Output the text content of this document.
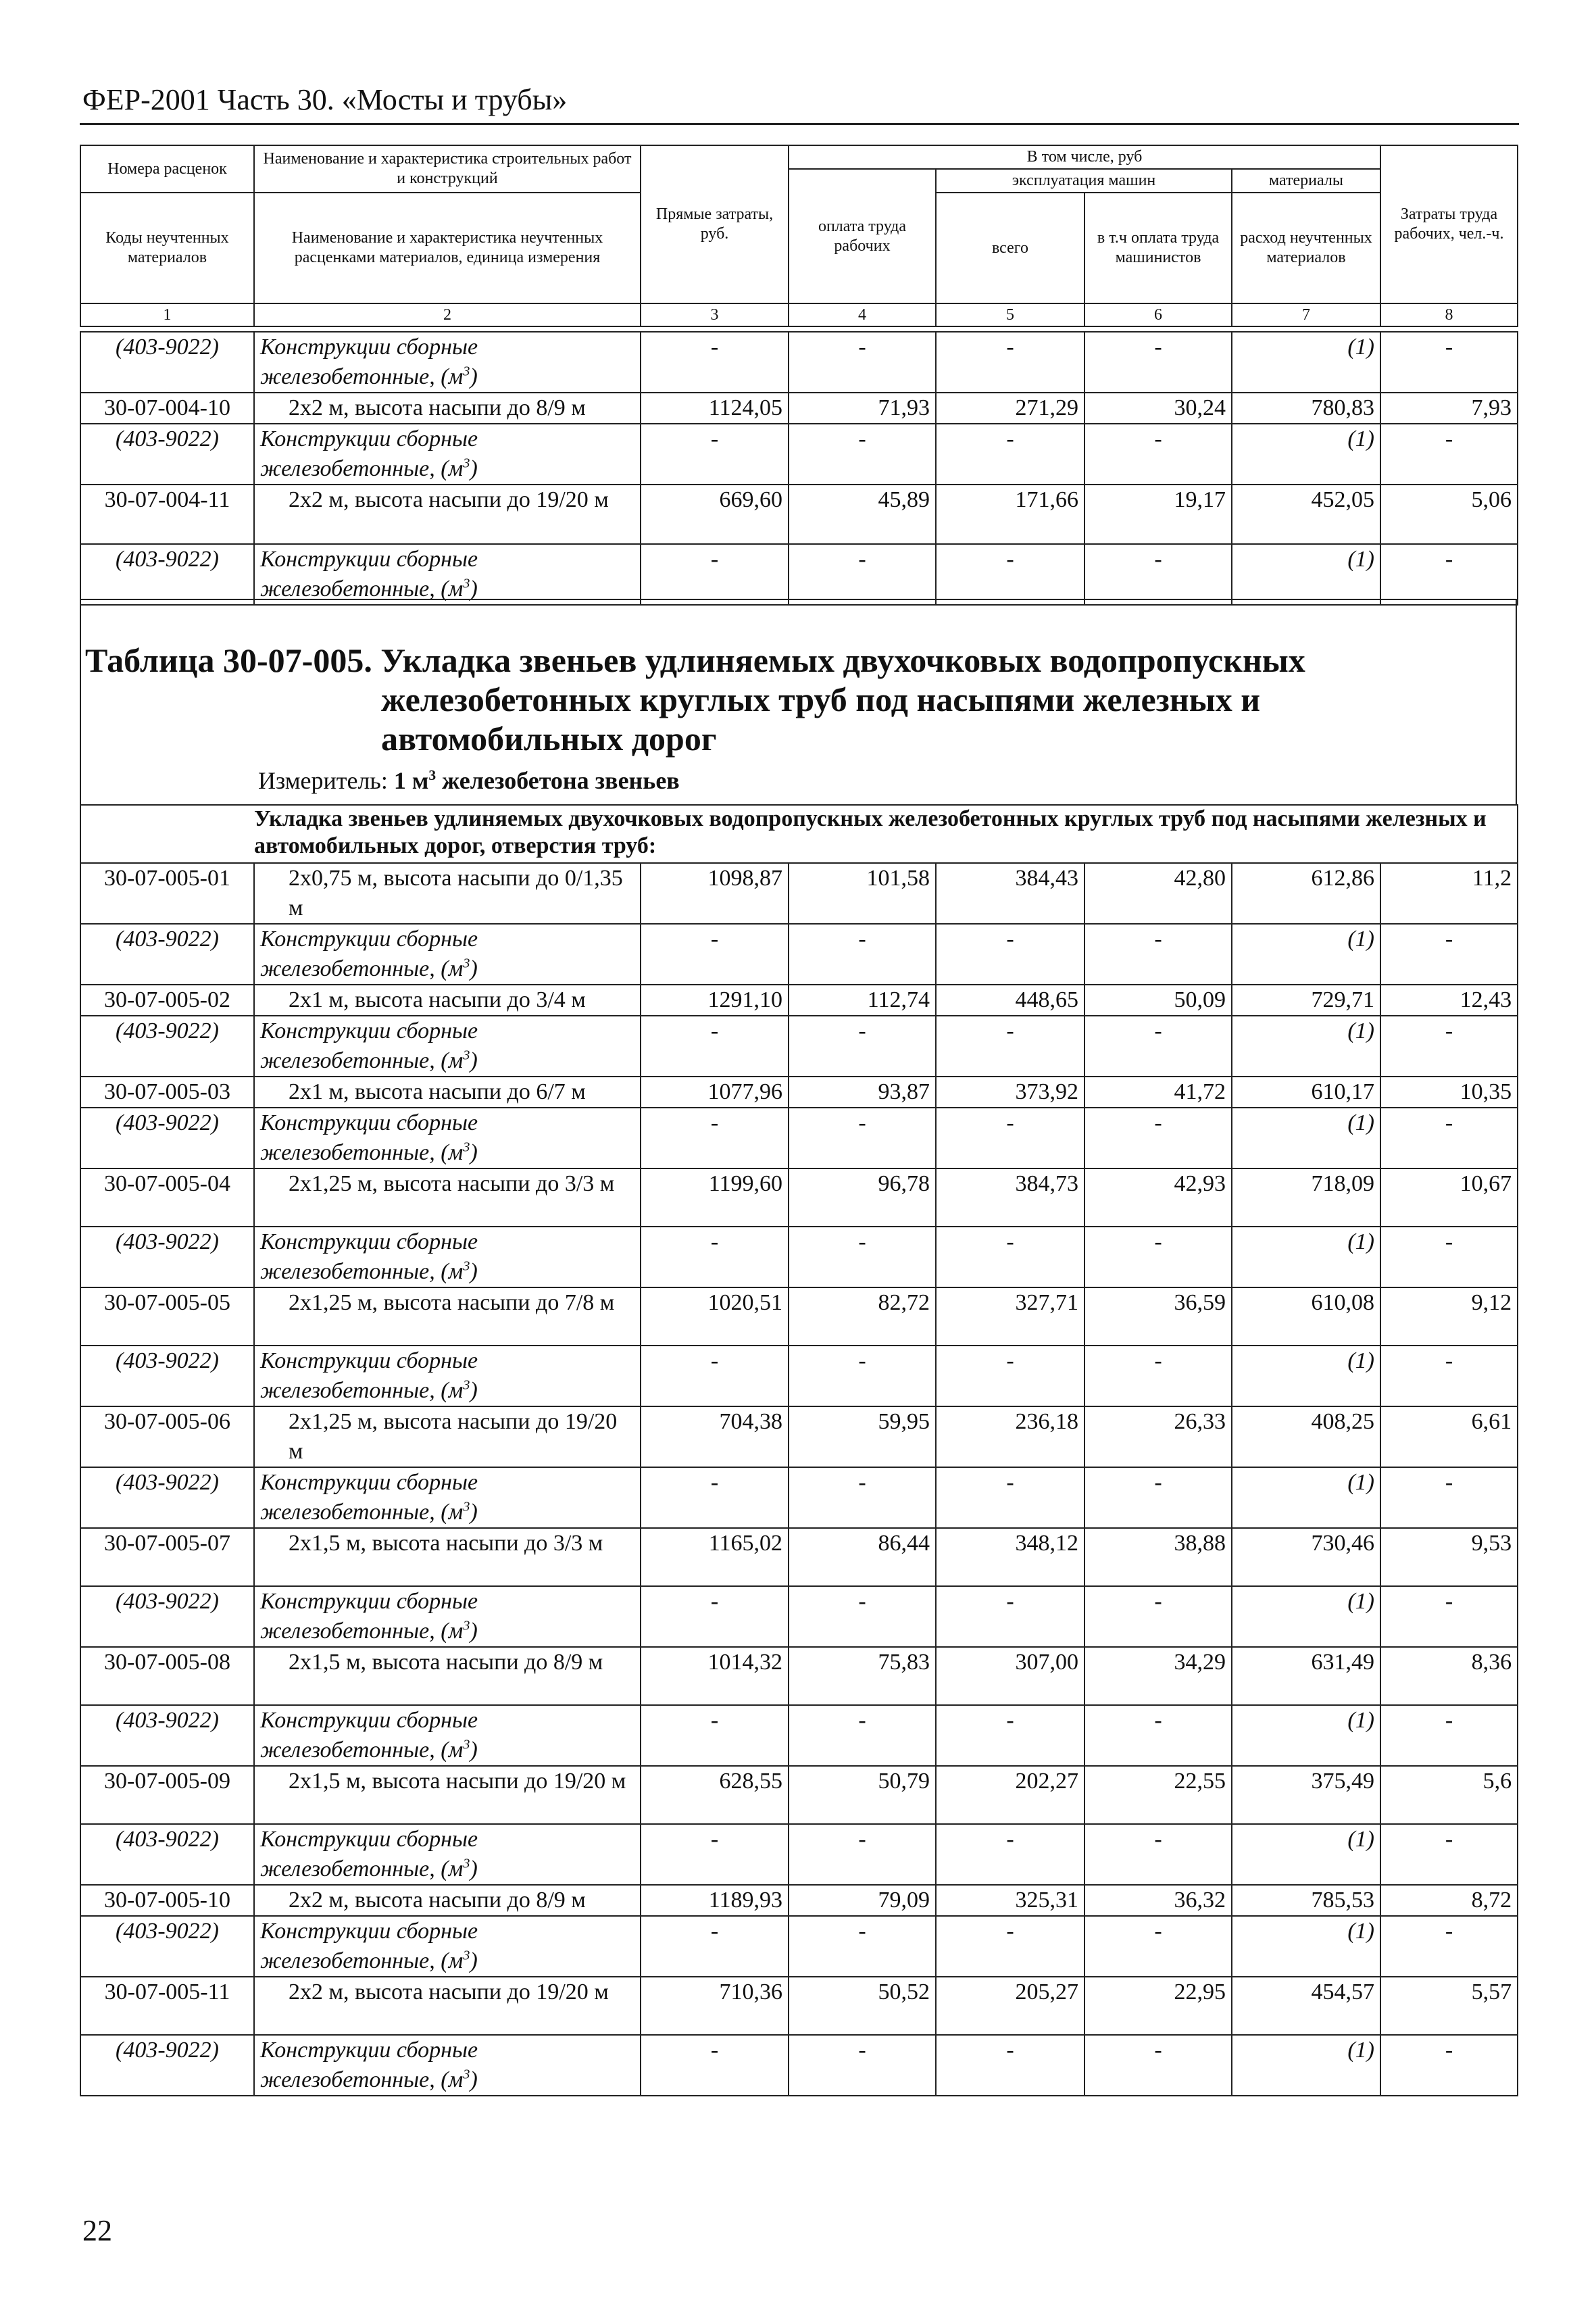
ФЕР-2001 Часть 30. «Мосты и трубы»
Номера расценок	Наименование и характеристика строительных работ и конструкций	Прямые затраты, руб.	В том числе, руб				Затраты труда рабочих, чел.-ч.
			оплата труда рабочих	эксплуатация машин		материалы	
Коды неучтенных материалов	Наименование и характеристика неучтенных расценками материалов, единица измерения			всего	в т.ч оплата труда машинистов	расход неучтенных материалов	
1	2	3	4	5	6	7	8
(403-9022)	Конструкции сборные
железобетонные, $(м^3)$	-	-	-	-	(1)	-
30-07-004-10	2х2 м, высота насыпи до 8/9 м	1124,05	71,93	271,29	30,24	780,83	7,93

(403-9022)	Конструкции сборные
железобетонные, $(м^3)$	-	-	-	-	(1)	-
30-07-004-11	2х2 м, высота насыпи до 19/20 м	669,60	45,89	171,66	19,17	452,05	5,06

(403-9022)	Конструкции сборные
железобетонные, $(м^3)$	-	-	-	-	(1)	-
Таблица 30-07-005. Укладка звеньев удлиняемых двухочковых водопропускных
железобетонных круглых труб под насыпями железных и
автомобильных дорог
Измеритель: 1 $м^3$ железобетона звеньев
	Укладка звеньев удлиняемых двухочковых водопропускных железобетонных круглых труб под насыпями железных и автомобильных дорог, отверстия труб:						
30-07-005-01	2х0,75 м, высота насыпи до 0/1,35 м	1098,87	101,58	384,43	42,80	612,86	11,2

(403-9022)	Конструкции сборные
железобетонные, $(м^3)$	-	-	-	-	(1)	-
30-07-005-02	2х1 м, высота насыпи до 3/4 м	1291,10	112,74	448,65	50,09	729,71	12,43

(403-9022)	Конструкции сборные
железобетонные, $(м^3)$	-	-	-	-	(1)	-
30-07-005-03	2х1 м, высота насыпи до 6/7 м	1077,96	93,87	373,92	41,72	610,17	10,35

(403-9022)	Конструкции сборные
железобетонные, $(м^3)$	-	-	-	-	(1)	-
30-07-005-04	2х1,25 м, высота насыпи до 3/3 м	1199,60	96,78	384,73	42,93	718,09	10,67

(403-9022)	Конструкции сборные
железобетонные, $(м^3)$	-	-	-	-	(1)	-
30-07-005-05	2х1,25 м, высота насыпи до 7/8 м	1020,51	82,72	327,71	36,59	610,08	9,12

(403-9022)	Конструкции сборные
железобетонные, $(м^3)$	-	-	-	-	(1)	-
30-07-005-06	2х1,25 м, высота насыпи до 19/20 м	704,38	59,95	236,18	26,33	408,25	6,61

(403-9022)	Конструкции сборные
железобетонные, $(м^3)$	-	-	-	-	(1)	-
30-07-005-07	2х1,5 м, высота насыпи до 3/3 м	1165,02	86,44	348,12	38,88	730,46	9,53

(403-9022)	Конструкции сборные
железобетонные, $(м^3)$	-	-	-	-	(1)	-
30-07-005-08	2х1,5 м, высота насыпи до 8/9 м	1014,32	75,83	307,00	34,29	631,49	8,36

(403-9022)	Конструкции сборные
железобетонные, $(м^3)$	-	-	-	-	(1)	-
30-07-005-09	2х1,5 м, высота насыпи до 19/20 м	628,55	50,79	202,27	22,55	375,49	5,6

(403-9022)	Конструкции сборные
железобетонные, $(м^3)$	-	-	-	-	(1)	-
30-07-005-10	2х2 м, высота насыпи до 8/9 м	1189,93	79,09	325,31	36,32	785,53	8,72

(403-9022)	Конструкции сборные
железобетонные, $(м^3)$	-	-	-	-	(1)	-
30-07-005-11	2х2 м, высота насыпи до 19/20 м	710,36	50,52	205,27	22,95	454,57	5,57

(403-9022)	Конструкции сборные
железобетонные, $(м^3)$	-	-	-	-	(1)	-
22
